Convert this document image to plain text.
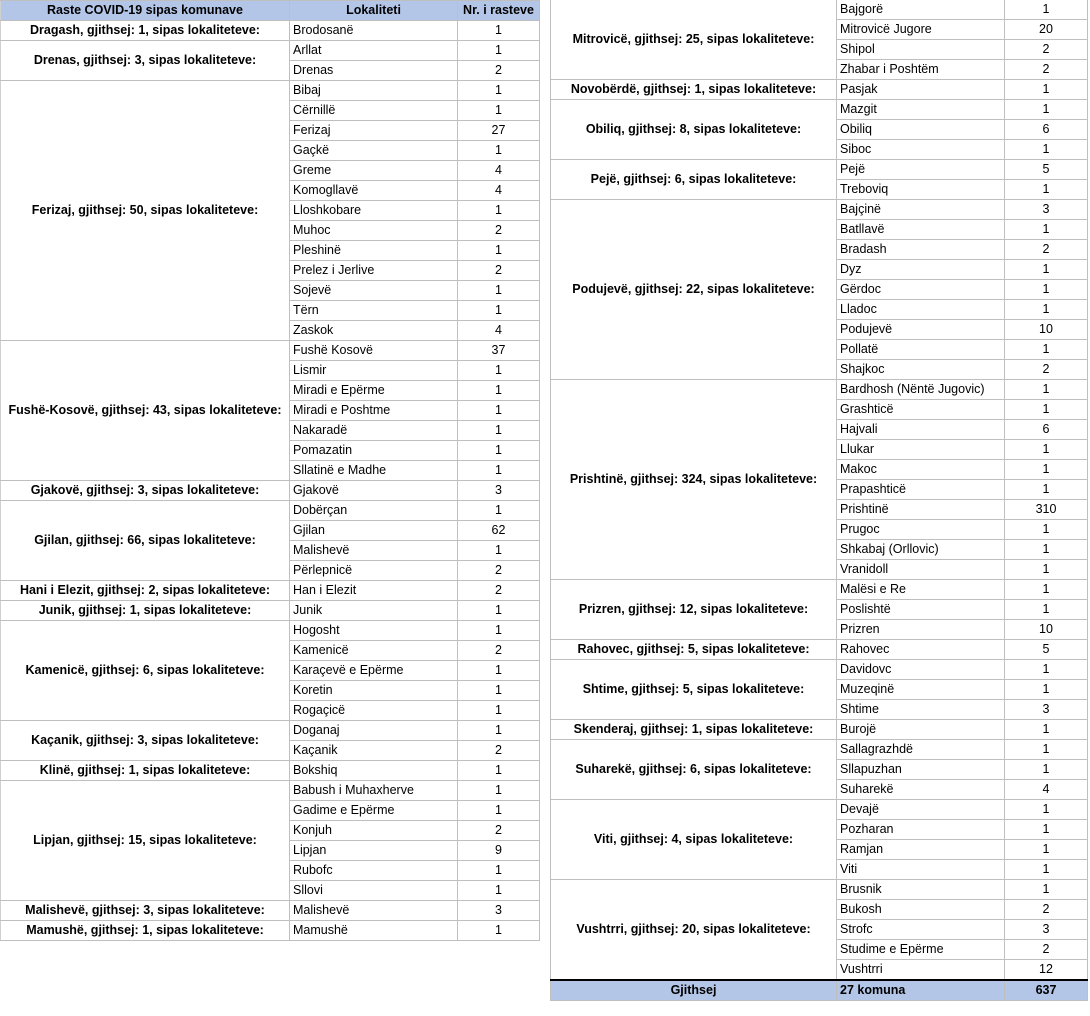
Raste COVID-19 sipas komunave	Lokaliteti	Nr. i rasteve
Dragash, gjithsej: 1, sipas lokaliteteve:	Brodosanë	1
Drenas, gjithsej: 3, sipas lokaliteteve:	Arllat	1
	Drenas	2
Ferizaj, gjithsej: 50, sipas lokaliteteve:	Bibaj	1
	Cërnillë	1
	Ferizaj	27
	Gaçkë	1
	Greme	4
	Komogllavë	4
	Lloshkobare	1
	Muhoc	2
	Pleshinë	1
	Prelez i Jerlive	2
	Sojevë	1
	Tërn	1
	Zaskok	4
Fushë-Kosovë, gjithsej: 43, sipas lokaliteteve:	Fushë Kosovë	37
	Lismir	1
	Miradi e Epërme	1
	Miradi e Poshtme	1
	Nakaradë	1
	Pomazatin	1
	Sllatinë e Madhe	1
Gjakovë, gjithsej: 3, sipas lokaliteteve:	Gjakovë	3
Gjilan, gjithsej: 66, sipas lokaliteteve:	Dobërçan	1
	Gjilan	62
	Malishevë	1
	Përlepnicë	2
Hani i Elezit, gjithsej: 2, sipas lokaliteteve:	Han i Elezit	2
Junik, gjithsej: 1, sipas lokaliteteve:	Junik	1
Kamenicë, gjithsej: 6, sipas lokaliteteve:	Hogosht	1
	Kamenicë	2
	Karaçevë e Epërme	1
	Koretin	1
	Rogaçicë	1
Kaçanik, gjithsej: 3, sipas lokaliteteve:	Doganaj	1
	Kaçanik	2
Klinë, gjithsej: 1, sipas lokaliteteve:	Bokshiq	1
Lipjan, gjithsej: 15, sipas lokaliteteve:	Babush i Muhaxherve	1
	Gadime e Epërme	1
	Konjuh	2
	Lipjan	9
	Rubofc	1
	Sllovi	1
Malishevë, gjithsej: 3, sipas lokaliteteve:	Malishevë	3
Mamushë, gjithsej: 1, sipas lokaliteteve:	Mamushë	1
Mitrovicë, gjithsej: 25, sipas lokaliteteve:	Bajgorë	1
	Mitrovicë Jugore	20
	Shipol	2
	Zhabar i Poshtëm	2
Novobërdë, gjithsej: 1, sipas lokaliteteve:	Pasjak	1
Obiliq, gjithsej: 8, sipas lokaliteteve:	Mazgit	1
	Obiliq	6
	Siboc	1
Pejë, gjithsej: 6, sipas lokaliteteve:	Pejë	5
	Treboviq	1
Podujevë, gjithsej: 22, sipas lokaliteteve:	Bajçinë	3
	Batllavë	1
	Bradash	2
	Dyz	1
	Gërdoc	1
	Lladoc	1
	Podujevë	10
	Pollatë	1
	Shajkoc	2
Prishtinë, gjithsej: 324, sipas lokaliteteve:	Bardhosh (Nëntë Jugovic)	1
	Grashticë	1
	Hajvali	6
	Llukar	1
	Makoc	1
	Prapashticë	1
	Prishtinë	310
	Prugoc	1
	Shkabaj (Orllovic)	1
	Vranidoll	1
Prizren, gjithsej: 12, sipas lokaliteteve:	Malësi e Re	1
	Poslishtë	1
	Prizren	10
Rahovec, gjithsej: 5, sipas lokaliteteve:	Rahovec	5
Shtime, gjithsej: 5, sipas lokaliteteve:	Davidovc	1
	Muzeqinë	1
	Shtime	3
Skenderaj, gjithsej: 1, sipas lokaliteteve:	Burojë	1
Suharekë, gjithsej: 6, sipas lokaliteteve:	Sallagrazhdë	1
	Sllapuzhan	1
	Suharekë	4
Viti, gjithsej: 4, sipas lokaliteteve:	Devajë	1
	Pozharan	1
	Ramjan	1
	Viti	1
Vushtrri, gjithsej: 20, sipas lokaliteteve:	Brusnik	1
	Bukosh	2
	Strofc	3
	Studime e Epërme	2
	Vushtrri	12
Gjithsej	27 komuna	637
